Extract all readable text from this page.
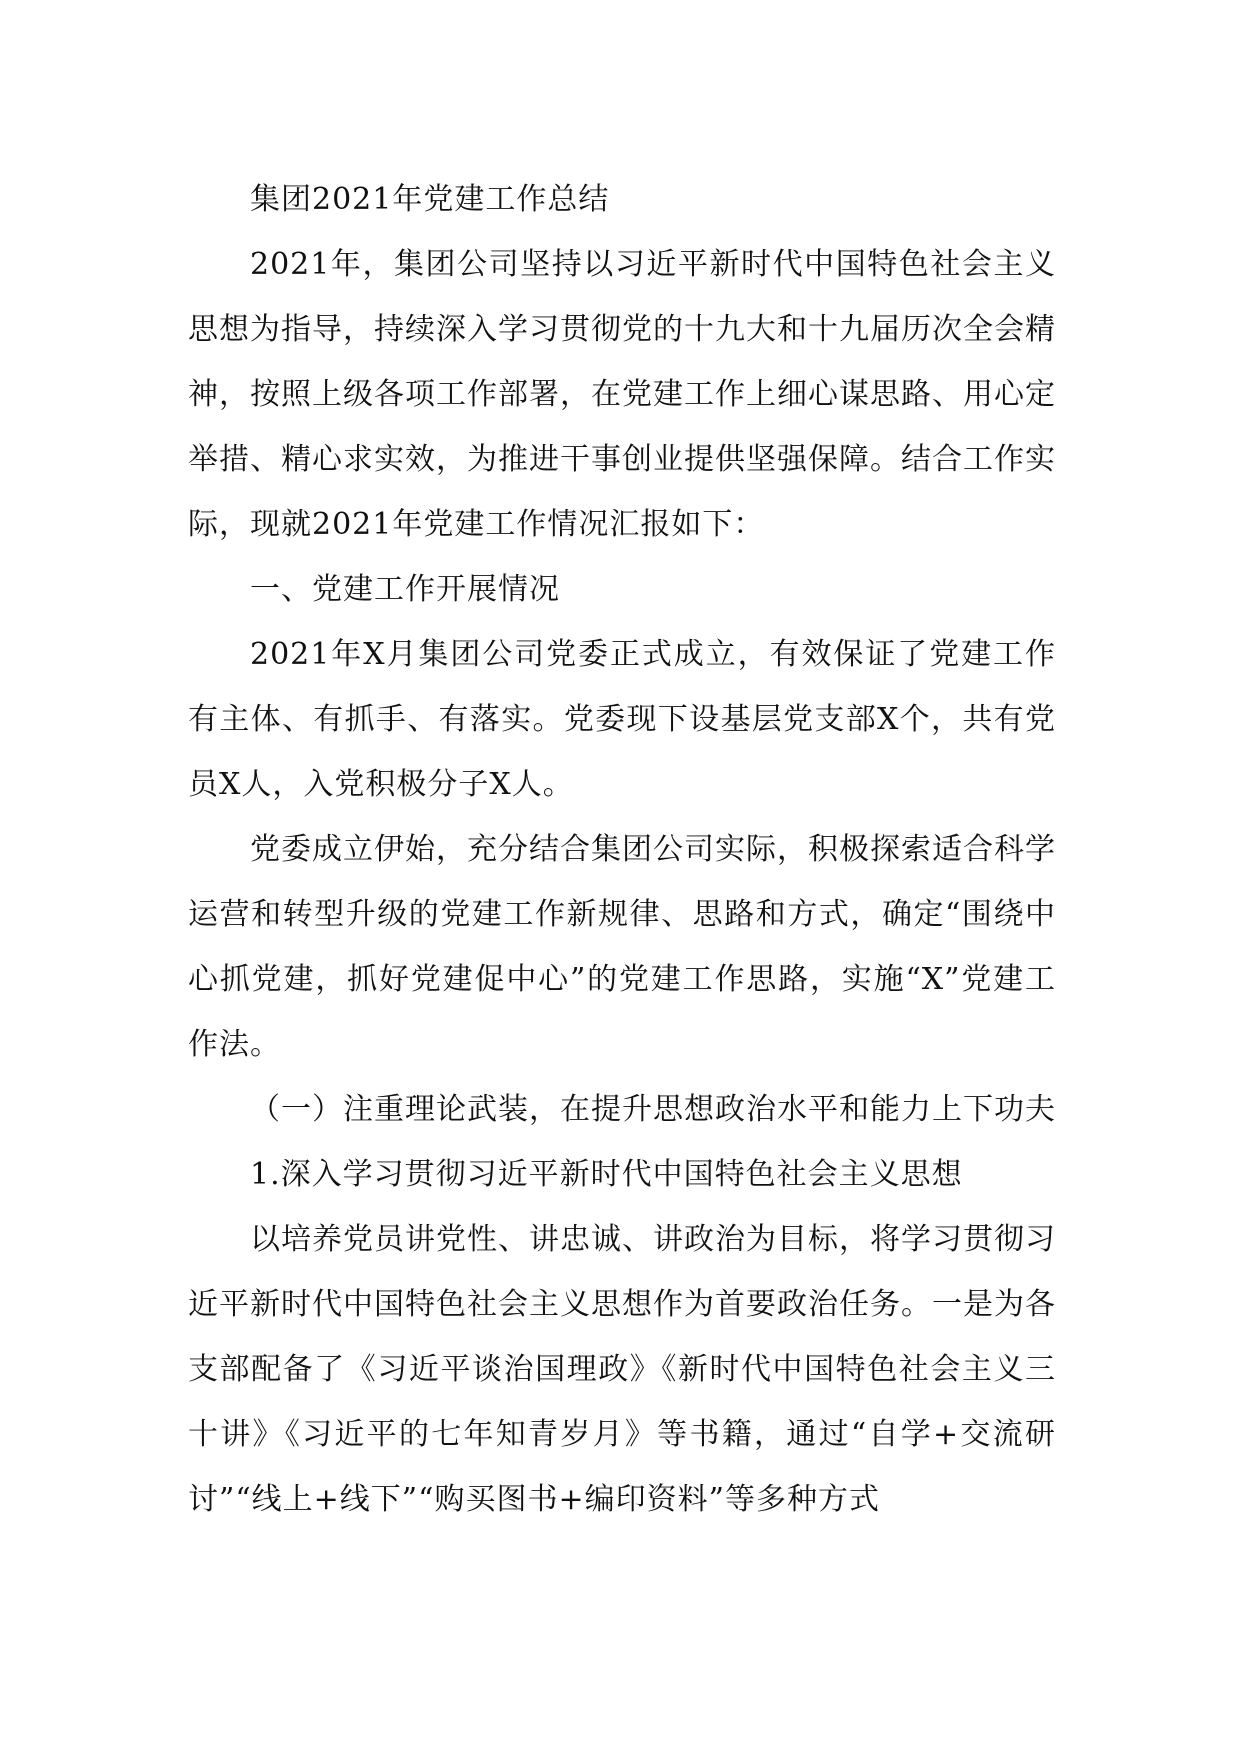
集团2021年党建工作总结

2021年，集团公司坚持以习近平新时代中国特色社会主义思想为指导，持续深入学习贯彻党的十九大和十九届历次全会精神，按照上级各项工作部署，在党建工作上细心谋思路、用心定举措、精心求实效，为推进干事创业提供坚强保障。结合工作实际，现就2021年党建工作情况汇报如下：

一、党建工作开展情况

2021年X月集团公司党委正式成立，有效保证了党建工作有主体、有抓手、有落实。党委现下设基层党支部X个，共有党员X人，入党积极分子X人。

党委成立伊始，充分结合集团公司实际，积极探索适合科学运营和转型升级的党建工作新规律、思路和方式，确定“围绕中心抓党建，抓好党建促中心”的党建工作思路，实施“X”党建工作法。

（一）注重理论武装，在提升思想政治水平和能力上下功夫

1.深入学习贯彻习近平新时代中国特色社会主义思想

以培养党员讲党性、讲忠诚、讲政治为目标，将学习贯彻习近平新时代中国特色社会主义思想作为首要政治任务。一是为各支部配备了《习近平谈治国理政》《新时代中国特色社会主义三十讲》《习近平的七年知青岁月》等书籍，通过“自学+交流研讨”“线上+线下”“购买图书+编印资料”等多种方式
